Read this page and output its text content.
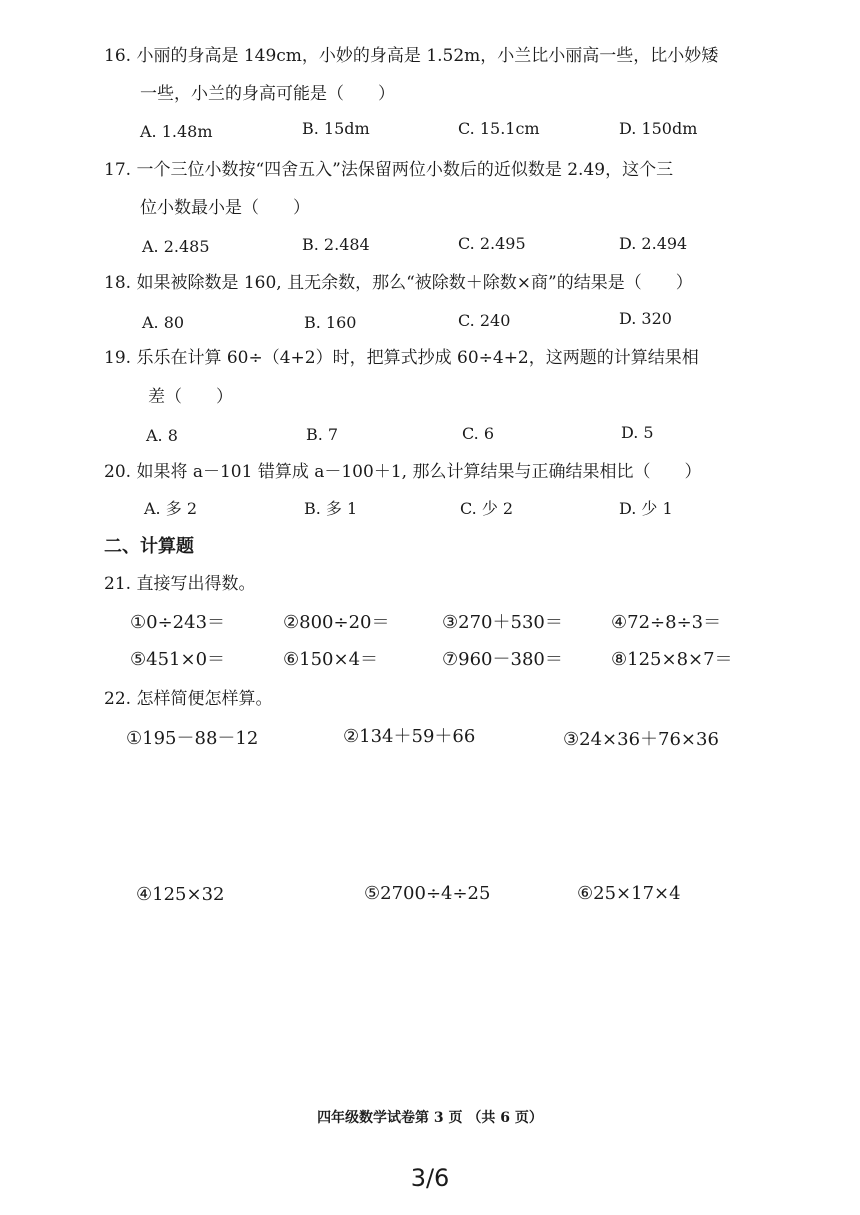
16. 小丽的身高是 149cm，小妙的身高是 1.52m，小兰比小丽高一些，比小妙矮
一些，小兰的身高可能是（　　）
A. 1.48m	B. 15dm	C. 15.1cm	D. 150dm
17. 一个三位小数按“四舍五入”法保留两位小数后的近似数是 2.49，这个三
位小数最小是（　　）
A. 2.485	B. 2.484	C. 2.495	D. 2.494
18. 如果被除数是 160, 且无余数，那么“被除数＋除数×商”的结果是（　　）
A. 80	B. 160	C. 240	D. 320
19. 乐乐在计算 60÷（4+2）时，把算式抄成 60÷4+2，这两题的计算结果相
差（　　）
A. 8	B. 7	C. 6	D. 5
20. 如果将 a－101 错算成 a－100＋1, 那么计算结果与正确结果相比（　　）
A. 多 2	B. 多 1	C. 少 2	D. 少 1
二、计算题
21. 直接写出得数。
①0÷243＝	②800÷20＝	③270＋530＝	④72÷8÷3＝
⑤451×0＝	⑥150×4＝	⑦960－380＝	⑧125×8×7＝
22. 怎样简便怎样算。
①195－88－12	②134＋59＋66	③24×36＋76×36
④125×32	⑤2700÷4÷25	⑥25×17×4
四年级数学试卷第 3 页 （共 6 页）
3/6
